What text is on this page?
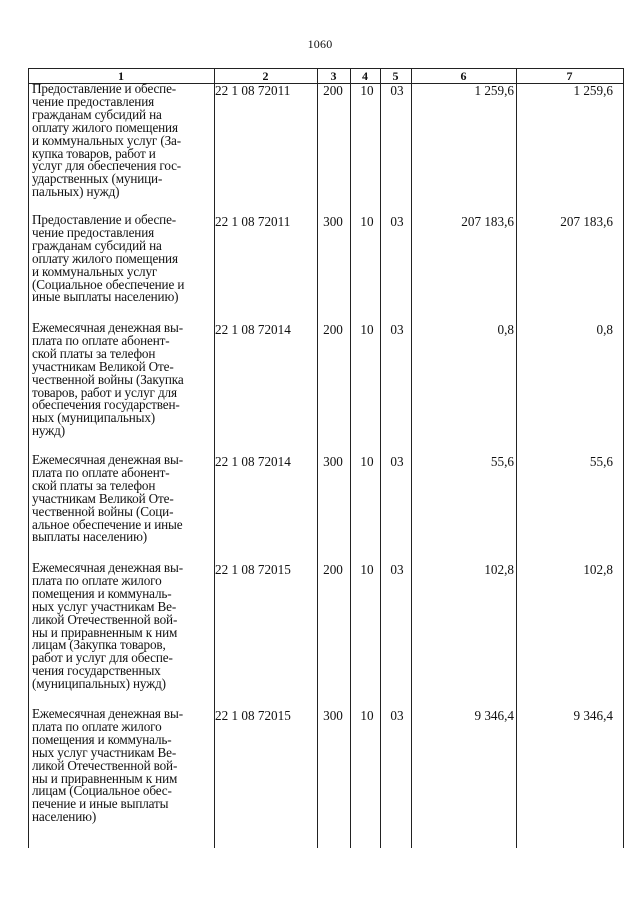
1060
1	2	3	4	5	6	7
Предоставление и обеспе-
чение предоставления
гражданам субсидий на
оплату жилого помещения
и коммунальных услуг (За-
купка товаров, работ и
услуг для обеспечения гос-
ударственных (муници-
пальных) нужд)
22 1 08 72011	200	10	03	1 259,6	1 259,6
Предоставление и обеспе-
чение предоставления
гражданам субсидий на
оплату жилого помещения
и коммунальных услуг
(Социальное обеспечение и
иные выплаты населению)
22 1 08 72011	300	10	03	207 183,6	207 183,6
Ежемесячная денежная вы-
плата по оплате абонент-
ской платы за телефон
участникам Великой Оте-
чественной войны (Закупка
товаров, работ и услуг для
обеспечения государствен-
ных (муниципальных)
нужд)
22 1 08 72014	200	10	03	0,8	0,8
Ежемесячная денежная вы-
плата по оплате абонент-
ской платы за телефон
участникам Великой Оте-
чественной войны (Соци-
альное обеспечение и иные
выплаты населению)
22 1 08 72014	300	10	03	55,6	55,6
Ежемесячная денежная вы-
плата по оплате жилого
помещения и коммуналь-
ных услуг участникам Ве-
ликой Отечественной вой-
ны и приравненным к ним
лицам (Закупка товаров,
работ и услуг для обеспе-
чения государственных
(муниципальных) нужд)
22 1 08 72015	200	10	03	102,8	102,8
Ежемесячная денежная вы-
плата по оплате жилого
помещения и коммуналь-
ных услуг участникам Ве-
ликой Отечественной вой-
ны и приравненным к ним
лицам (Социальное обес-
печение и иные выплаты
населению)
22 1 08 72015	300	10	03	9 346,4	9 346,4
